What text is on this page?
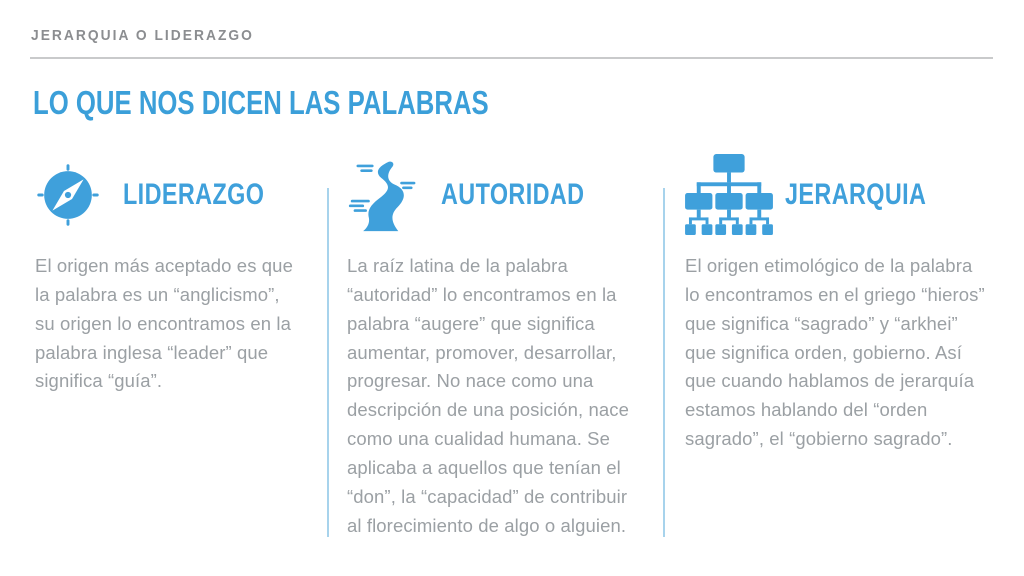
JERARQUIA O LIDERAZGO
LO QUE NOS DICEN LAS PALABRAS
LIDERAZGO
El origen más aceptado es que la palabra es un “anglicismo”, su origen lo encontramos en la palabra inglesa “leader” que significa “guía”.
AUTORIDAD
La raíz latina de la palabra “autoridad” lo encontramos en la palabra “augere” que significa aumentar, promover, desarrollar, progresar. No nace como una descripción de una posición, nace como una cualidad humana. Se aplicaba a aquellos que tenían el “don”, la “capacidad” de contribuir al florecimiento de algo o alguien.
JERARQUIA
El origen etimológico de la palabra lo encontramos en el griego “hieros” que significa “sagrado” y “arkhei” que significa orden, gobierno. Así que cuando hablamos de jerarquía estamos hablando del “orden sagrado”, el “gobierno sagrado”.
